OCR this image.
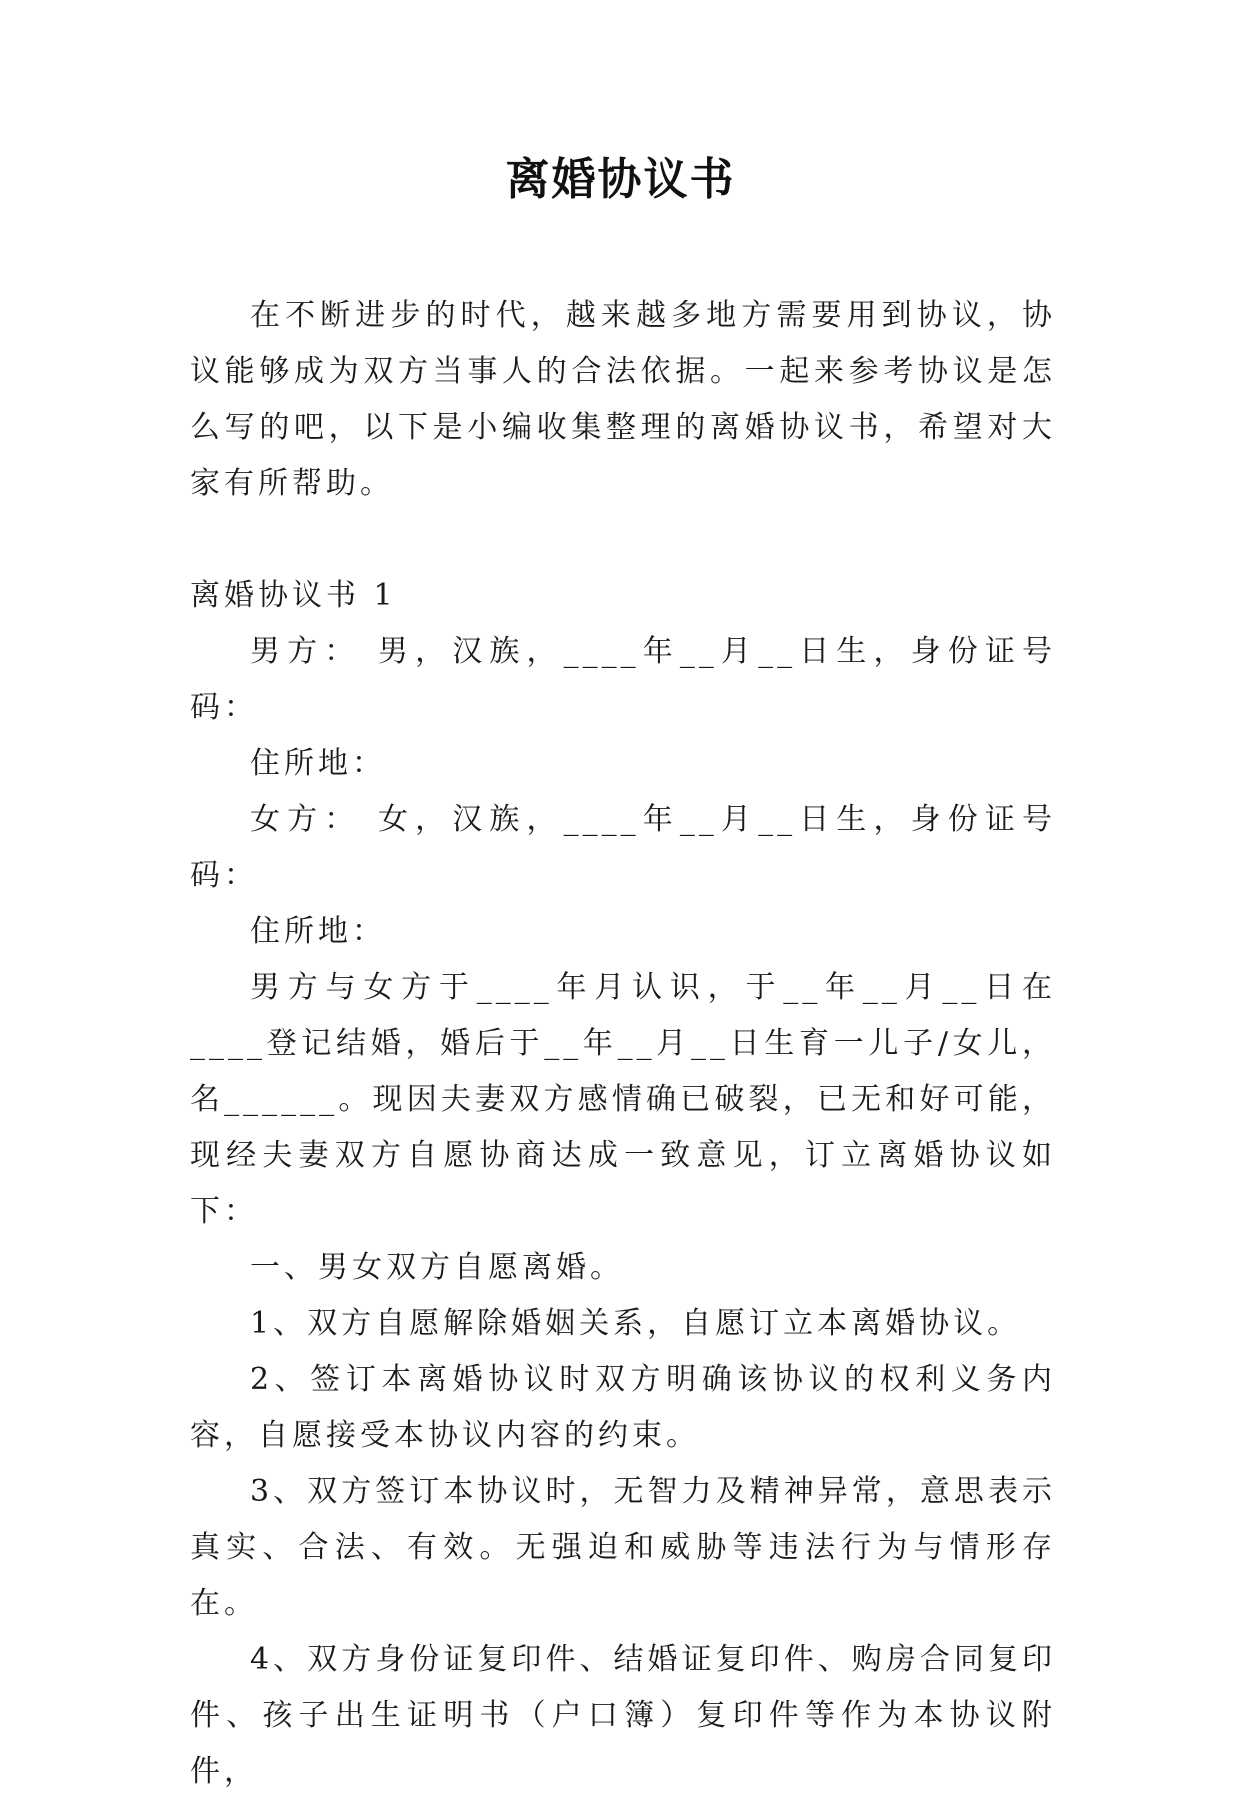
离婚协议书

在不断进步的时代，越来越多地方需要用到协议，协议能够成为双方当事人的合法依据。一起来参考协议是怎么写的吧，以下是小编收集整理的离婚协议书，希望对大家有所帮助。

离婚协议书 1

男方： 男，汉族，____年__月__日生，身份证号码：

住所地：

女方： 女，汉族，____年__月__日生，身份证号码：

住所地：

男方与女方于____年月认识，于__年__月__日在____登记结婚，婚后于__年__月__日生育一儿子/女儿，名______。现因夫妻双方感情确已破裂，已无和好可能，现经夫妻双方自愿协商达成一致意见，订立离婚协议如下：

一、男女双方自愿离婚。

1、双方自愿解除婚姻关系，自愿订立本离婚协议。

2、签订本离婚协议时双方明确该协议的权利义务内容，自愿接受本协议内容的约束。

3、双方签订本协议时，无智力及精神异常，意思表示真实、合法、有效。无强迫和威胁等违法行为与情形存在。

4、双方身份证复印件、结婚证复印件、购房合同复印件、孩子出生证明书（户口簿）复印件等作为本协议附件，
